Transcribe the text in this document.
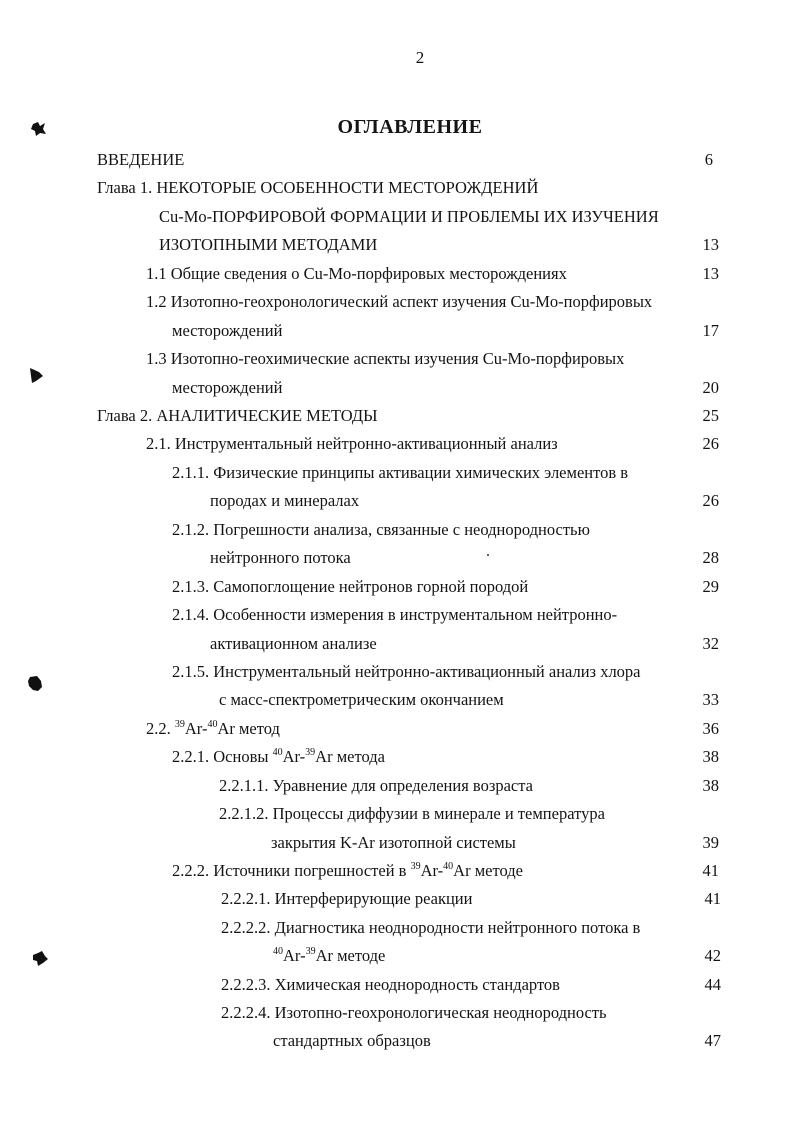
2
ОГЛАВЛЕНИЕ
ВВЕДЕНИЕ	6
Глава 1. НЕКОТОРЫЕ ОСОБЕННОСТИ МЕСТОРОЖДЕНИЙ
Cu-Mo-ПОРФИРОВОЙ ФОРМАЦИИ И ПРОБЛЕМЫ ИХ ИЗУЧЕНИЯ
ИЗОТОПНЫМИ МЕТОДАМИ	13
1.1 Общие сведения о Cu-Mo-порфировых месторождениях	13
1.2 Изотопно-геохронологический аспект изучения Cu-Mo-порфировых
месторождений	17
1.3 Изотопно-геохимические аспекты изучения Cu-Mo-порфировых
месторождений	20
Глава 2. АНАЛИТИЧЕСКИЕ МЕТОДЫ	25
2.1. Инструментальный нейтронно-активационный анализ	26
2.1.1. Физические принципы активации химических элементов в
породах и минералах	26
2.1.2. Погрешности анализа, связанные с неоднородностью
нейтронного потока	28
2.1.3. Самопоглощение нейтронов горной породой	29
2.1.4. Особенности измерения в инструментальном нейтронно-
активационном анализе	32
2.1.5. Инструментальный нейтронно-активационный анализ хлора
с масс-спектрометрическим окончанием	33
2.2. $^{39}$Ar-$^{40}$Ar метод	36
2.2.1. Основы $^{40}$Ar-$^{39}$Ar метода	38
2.2.1.1. Уравнение для определения возраста	38
2.2.1.2. Процессы диффузии в минерале и температура
закрытия K-Ar изотопной системы	39
2.2.2. Источники погрешностей в $^{39}$Ar-$^{40}$Ar методе	41
2.2.2.1. Интерферирующие реакции	41
2.2.2.2. Диагностика неоднородности нейтронного потока в
$^{40}$Ar-$^{39}$Ar методе	42
2.2.2.3. Химическая неоднородность стандартов	44
2.2.2.4. Изотопно-геохронологическая неоднородность
стандартных образцов	47
